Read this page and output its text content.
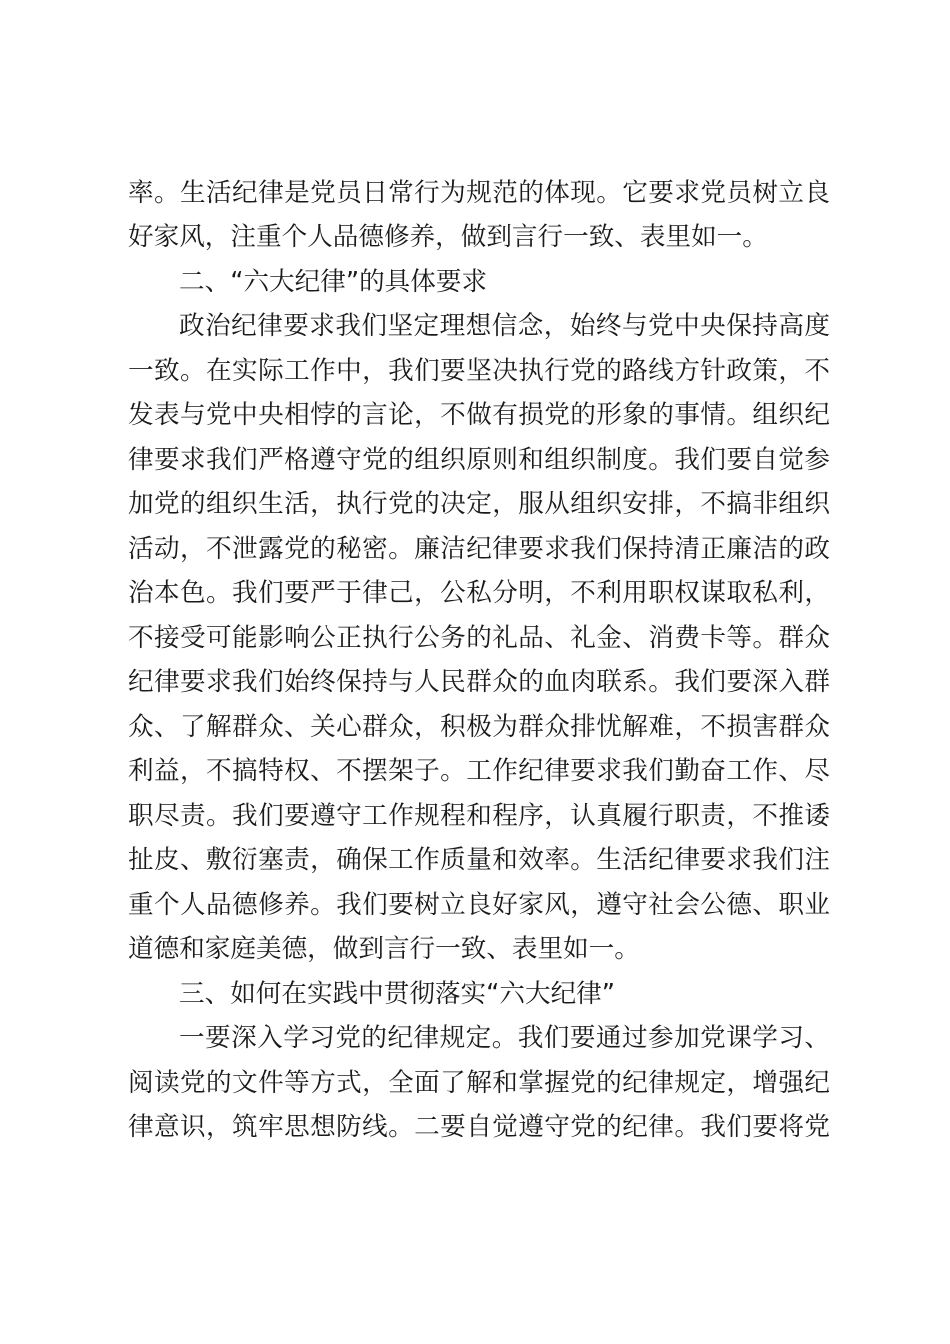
率。生活纪律是党员日常行为规范的体现。它要求党员树立良
好家风，注重个人品德修养，做到言行一致、表里如一。
二、“六大纪律”的具体要求
政治纪律要求我们坚定理想信念，始终与党中央保持高度
一致。在实际工作中，我们要坚决执行党的路线方针政策，不
发表与党中央相悖的言论，不做有损党的形象的事情。组织纪
律要求我们严格遵守党的组织原则和组织制度。我们要自觉参
加党的组织生活，执行党的决定，服从组织安排，不搞非组织
活动，不泄露党的秘密。廉洁纪律要求我们保持清正廉洁的政
治本色。我们要严于律己，公私分明，不利用职权谋取私利，
不接受可能影响公正执行公务的礼品、礼金、消费卡等。群众
纪律要求我们始终保持与人民群众的血肉联系。我们要深入群
众、了解群众、关心群众，积极为群众排忧解难，不损害群众
利益，不搞特权、不摆架子。工作纪律要求我们勤奋工作、尽
职尽责。我们要遵守工作规程和程序，认真履行职责，不推诿
扯皮、敷衍塞责，确保工作质量和效率。生活纪律要求我们注
重个人品德修养。我们要树立良好家风，遵守社会公德、职业
道德和家庭美德，做到言行一致、表里如一。
三、如何在实践中贯彻落实“六大纪律”
一要深入学习党的纪律规定。我们要通过参加党课学习、
阅读党的文件等方式，全面了解和掌握党的纪律规定，增强纪
律意识，筑牢思想防线。二要自觉遵守党的纪律。我们要将党
